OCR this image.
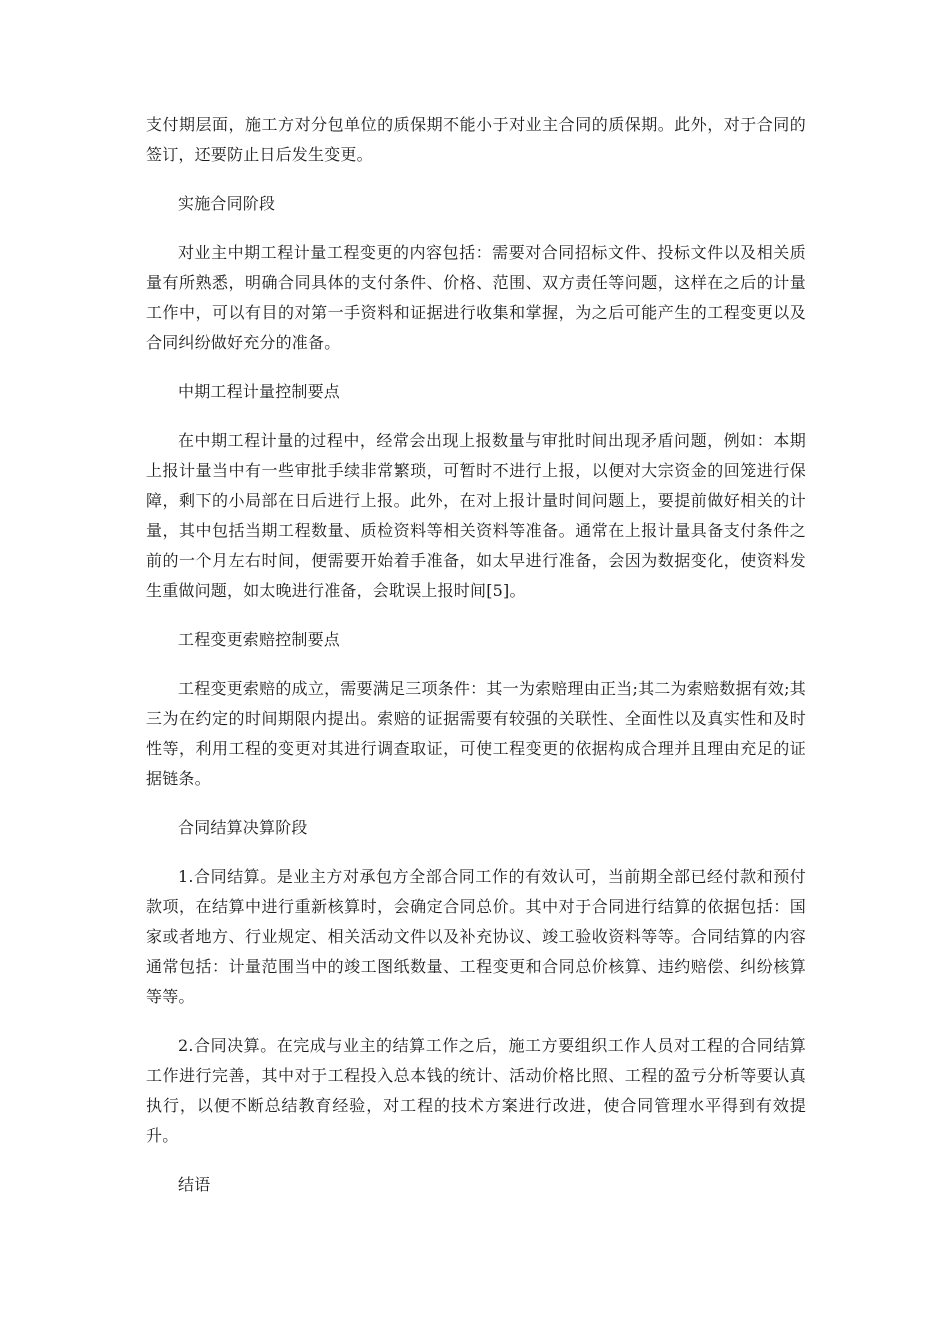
支付期层面，施工方对分包单位的质保期不能小于对业主合同的质保期。此外，对于合同的签订，还要防止日后发生变更。

实施合同阶段

对业主中期工程计量工程变更的内容包括：需要对合同招标文件、投标文件以及相关质量有所熟悉，明确合同具体的支付条件、价格、范围、双方责任等问题，这样在之后的计量工作中，可以有目的对第一手资料和证据进行收集和掌握，为之后可能产生的工程变更以及合同纠纷做好充分的准备。

中期工程计量控制要点

在中期工程计量的过程中，经常会出现上报数量与审批时间出现矛盾问题，例如：本期上报计量当中有一些审批手续非常繁琐，可暂时不进行上报，以便对大宗资金的回笼进行保障，剩下的小局部在日后进行上报。此外，在对上报计量时间问题上，要提前做好相关的计量，其中包括当期工程数量、质检资料等相关资料等准备。通常在上报计量具备支付条件之前的一个月左右时间，便需要开始着手准备，如太早进行准备，会因为数据变化，使资料发生重做问题，如太晚进行准备，会耽误上报时间[5]。

工程变更索赔控制要点

工程变更索赔的成立，需要满足三项条件：其一为索赔理由正当;其二为索赔数据有效;其三为在约定的时间期限内提出。索赔的证据需要有较强的关联性、全面性以及真实性和及时性等，利用工程的变更对其进行调查取证，可使工程变更的依据构成合理并且理由充足的证据链条。

合同结算决算阶段

1.合同结算。是业主方对承包方全部合同工作的有效认可，当前期全部已经付款和预付款项，在结算中进行重新核算时，会确定合同总价。其中对于合同进行结算的依据包括：国家或者地方、行业规定、相关活动文件以及补充协议、竣工验收资料等等。合同结算的内容通常包括：计量范围当中的竣工图纸数量、工程变更和合同总价核算、违约赔偿、纠纷核算等等。

2.合同决算。在完成与业主的结算工作之后，施工方要组织工作人员对工程的合同结算工作进行完善，其中对于工程投入总本钱的统计、活动价格比照、工程的盈亏分析等要认真执行，以便不断总结教育经验，对工程的技术方案进行改进，使合同管理水平得到有效提升。

结语
